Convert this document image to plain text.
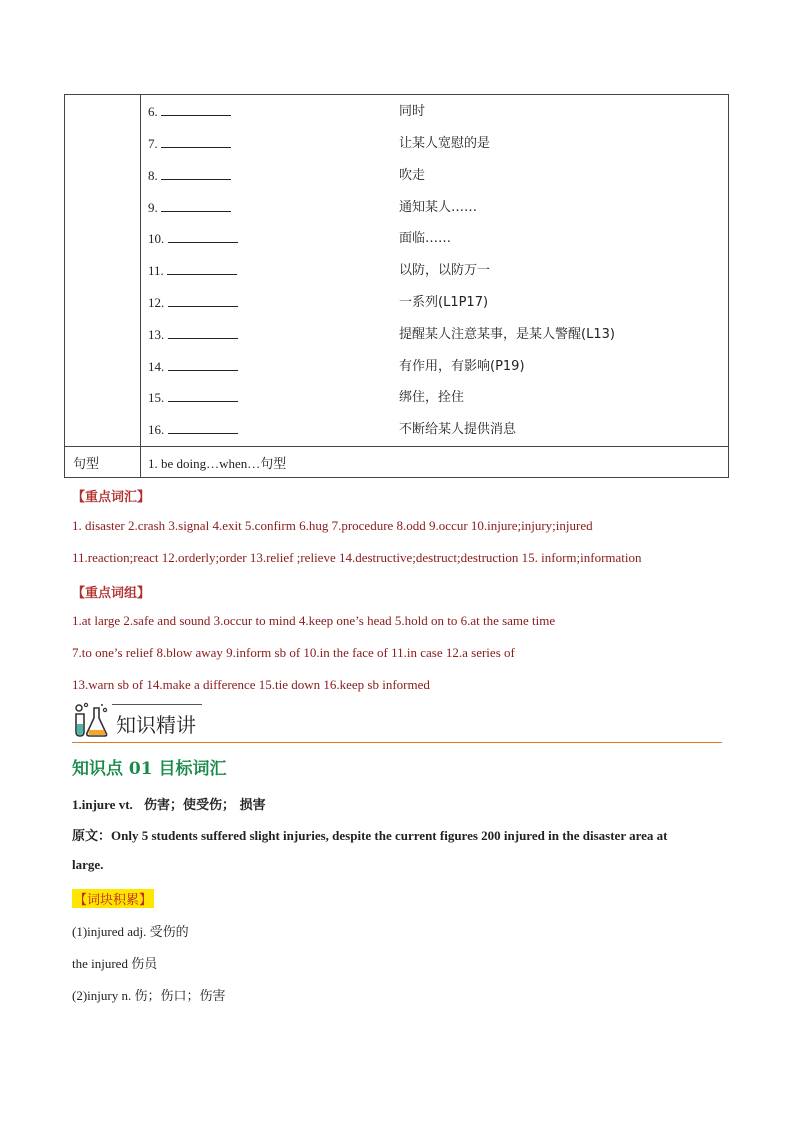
6.	同时
7.	让某人宽慰的是
8.	吹走
9.	通知某人……
10.	面临……
11.	以防，以防万一
12.	一系列(L1P17)
13.	提醒某人注意某事，是某人警醒(L13)
14.	有作用，有影响(P19)
15.	绑住，拴住
16.	不断给某人提供消息
句型	1. be doing…when…句型
【重点词汇】
1. disaster 2.crash 3.signal 4.exit 5.confirm 6.hug 7.procedure 8.odd 9.occur 10.injure;injury;injured
11.reaction;react 12.orderly;order 13.relief ;relieve 14.destructive;destruct;destruction 15. inform;information
【重点词组】
1.at large 2.safe and sound 3.occur to mind 4.keep one’s head 5.hold on to 6.at the same time
7.to one’s relief 8.blow away 9.inform sb of 10.in the face of 11.in case 12.a series of
13.warn sb of 14.make a difference 15.tie down 16.keep sb informed
知识精讲
知识点 01 目标词汇
1.injure vt. 伤害；使受伤； 损害
原文：Only 5 students suffered slight injuries, despite the current figures 200 injured in the disaster area at
large.
【词块积累】
(1)injured adj. 受伤的
the injured 伤员
(2)injury n. 伤；伤口；伤害
